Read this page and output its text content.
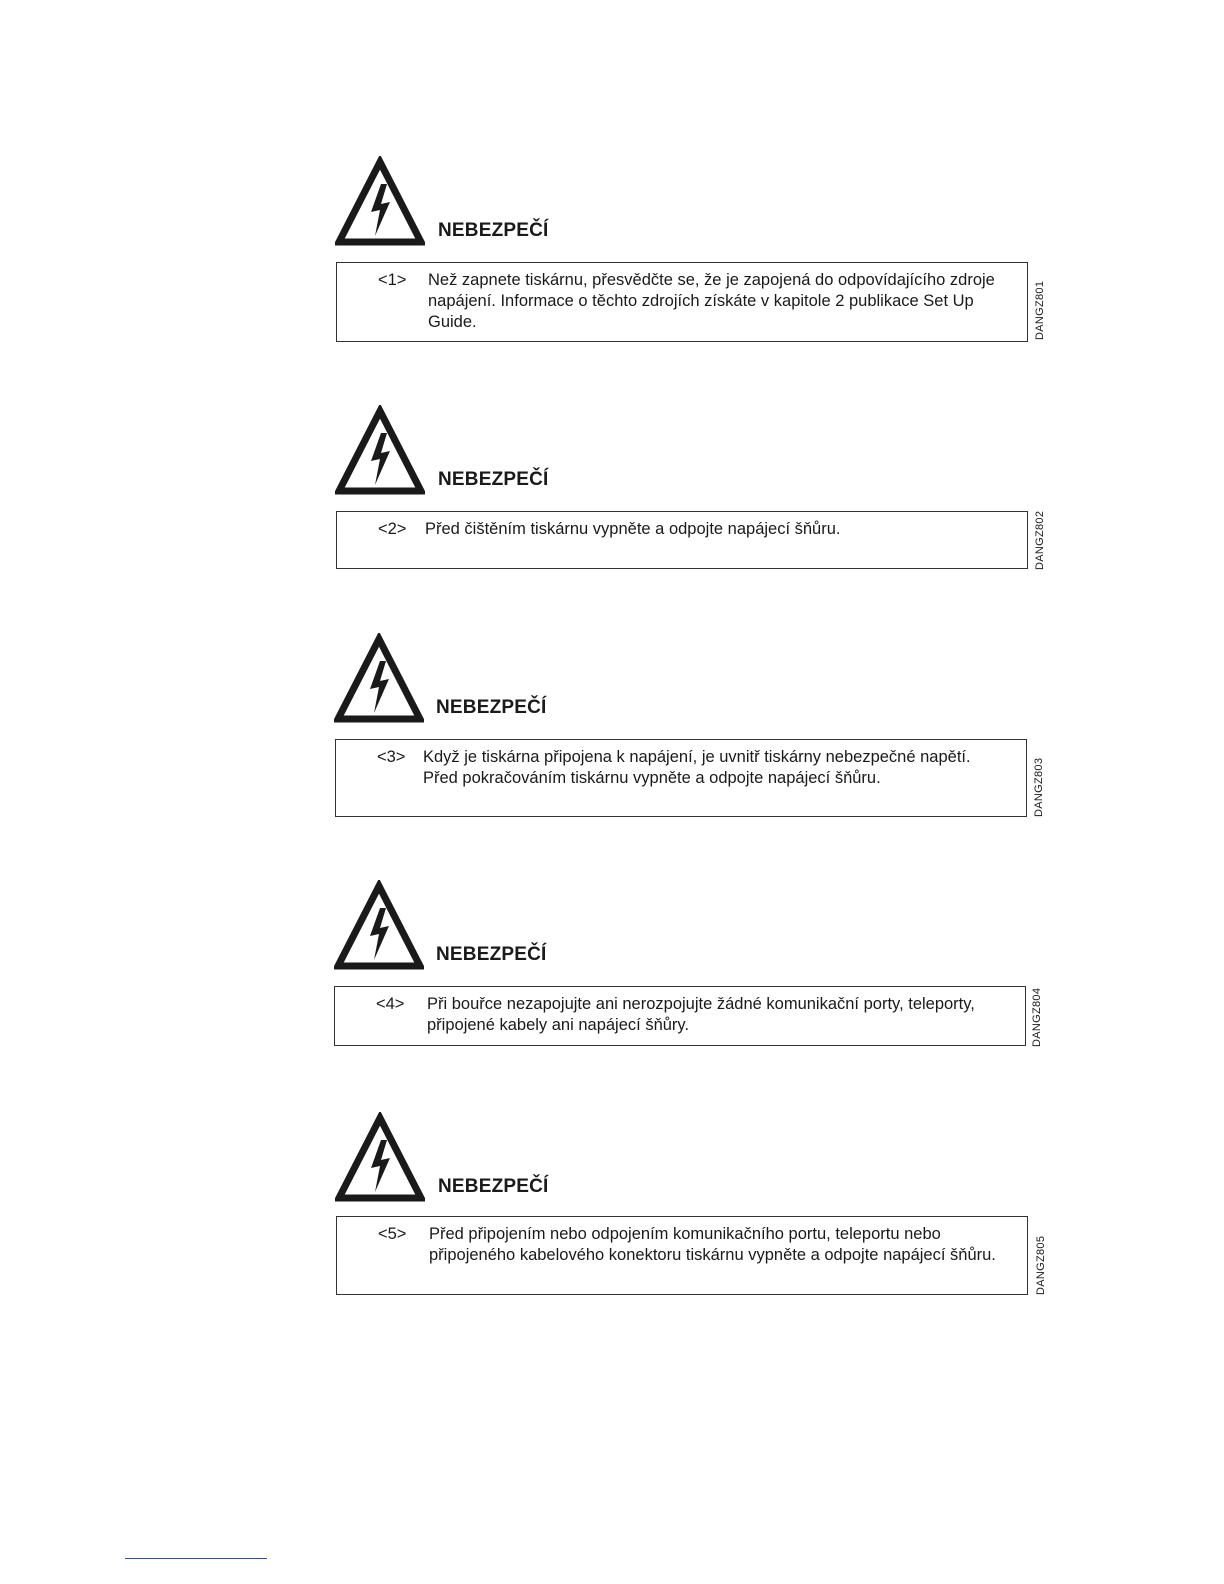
NEBEZPEČÍ
<1> Než zapnete tiskárnu, přesvědčte se, že je zapojená do odpovídajícího zdroje napájení. Informace o těchto zdrojích získáte v kapitole 2 publikace Set Up Guide.	DANGZ801
NEBEZPEČÍ
<2> Před čištěním tiskárnu vypněte a odpojte napájecí šňůru.	DANGZ802
NEBEZPEČÍ
<3> Když je tiskárna připojena k napájení, je uvnitř tiskárny nebezpečné napětí. Před pokračováním tiskárnu vypněte a odpojte napájecí šňůru.	DANGZ803
NEBEZPEČÍ
<4> Při bouřce nezapojujte ani nerozpojujte žádné komunikační porty, teleporty, připojené kabely ani napájecí šňůry.	DANGZ804
NEBEZPEČÍ
<5> Před připojením nebo odpojením komunikačního portu, teleportu nebo připojeného kabelového konektoru tiskárnu vypněte a odpojte napájecí šňůru.	DANGZ805
